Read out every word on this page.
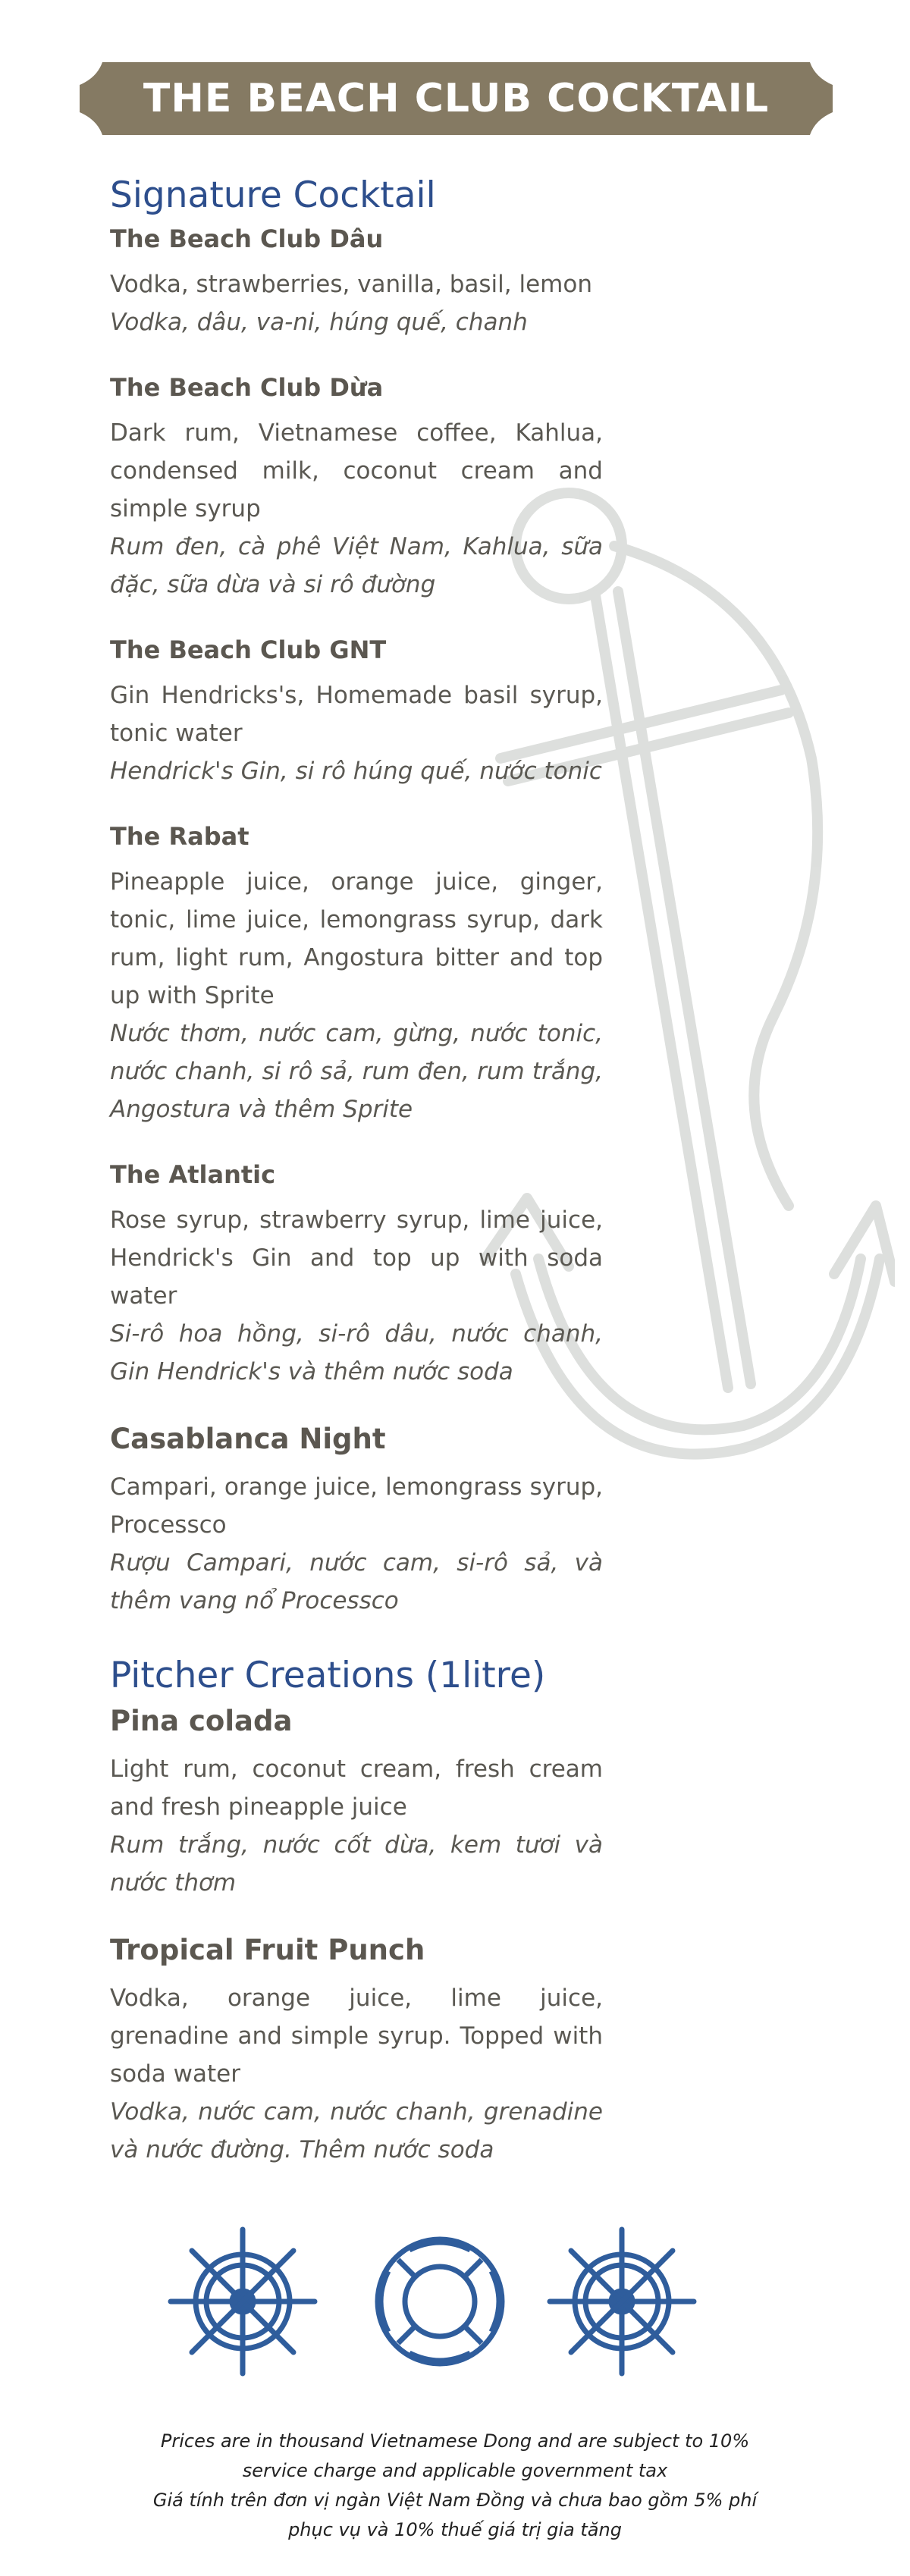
THE BEACH CLUB COCKTAIL
Signature Cocktail
The Beach Club Dâu

Vodka, strawberries, vanilla, basil, lemon

Vodka, dâu, va-ni, húng quế, chanh

The Beach Club Dừa

Dark rum, Vietnamese coffee, Kahlua, condensed milk, coconut cream and simple syrup

Rum đen, cà phê Việt Nam, Kahlua, sữa đặc, sữa dừa và si rô đường

The Beach Club GNT

Gin Hendricks's, Homemade basil syrup, tonic water

Hendrick's Gin, si rô húng quế, nước tonic

The Rabat

Pineapple juice, orange juice, ginger, tonic, lime juice, lemongrass syrup, dark rum, light rum, Angostura bitter and top up with Sprite

Nước thơm, nước cam, gừng, nước tonic, nước chanh, si rô sả, rum đen, rum trắng, Angostura và thêm Sprite

The Atlantic

Rose syrup, strawberry syrup, lime juice, Hendrick's Gin and top up with soda water

Si-rô hoa hồng, si-rô dâu, nước chanh, Gin Hendrick's và thêm nước soda

Casablanca Night

Campari, orange juice, lemongrass syrup, Processco

Rượu Campari, nước cam, si-rô sả, và thêm vang nổ Processco

Pitcher Creations (1litre)
Pina colada

Light rum, coconut cream, fresh cream and fresh pineapple juice

Rum trắng, nước cốt dừa, kem tươi và nước thơm

Tropical Fruit Punch

Vodka, orange juice, lime juice, grenadine and simple syrup. Topped with soda water

Vodka, nước cam, nước chanh, grenadine và nước đường. Thêm nước soda

Prices are in thousand Vietnamese Dong and are subject to 10%

service charge and applicable government tax

Giá tính trên đơn vị ngàn Việt Nam Đồng và chưa bao gồm 5% phí

phục vụ và 10% thuế giá trị gia tăng
